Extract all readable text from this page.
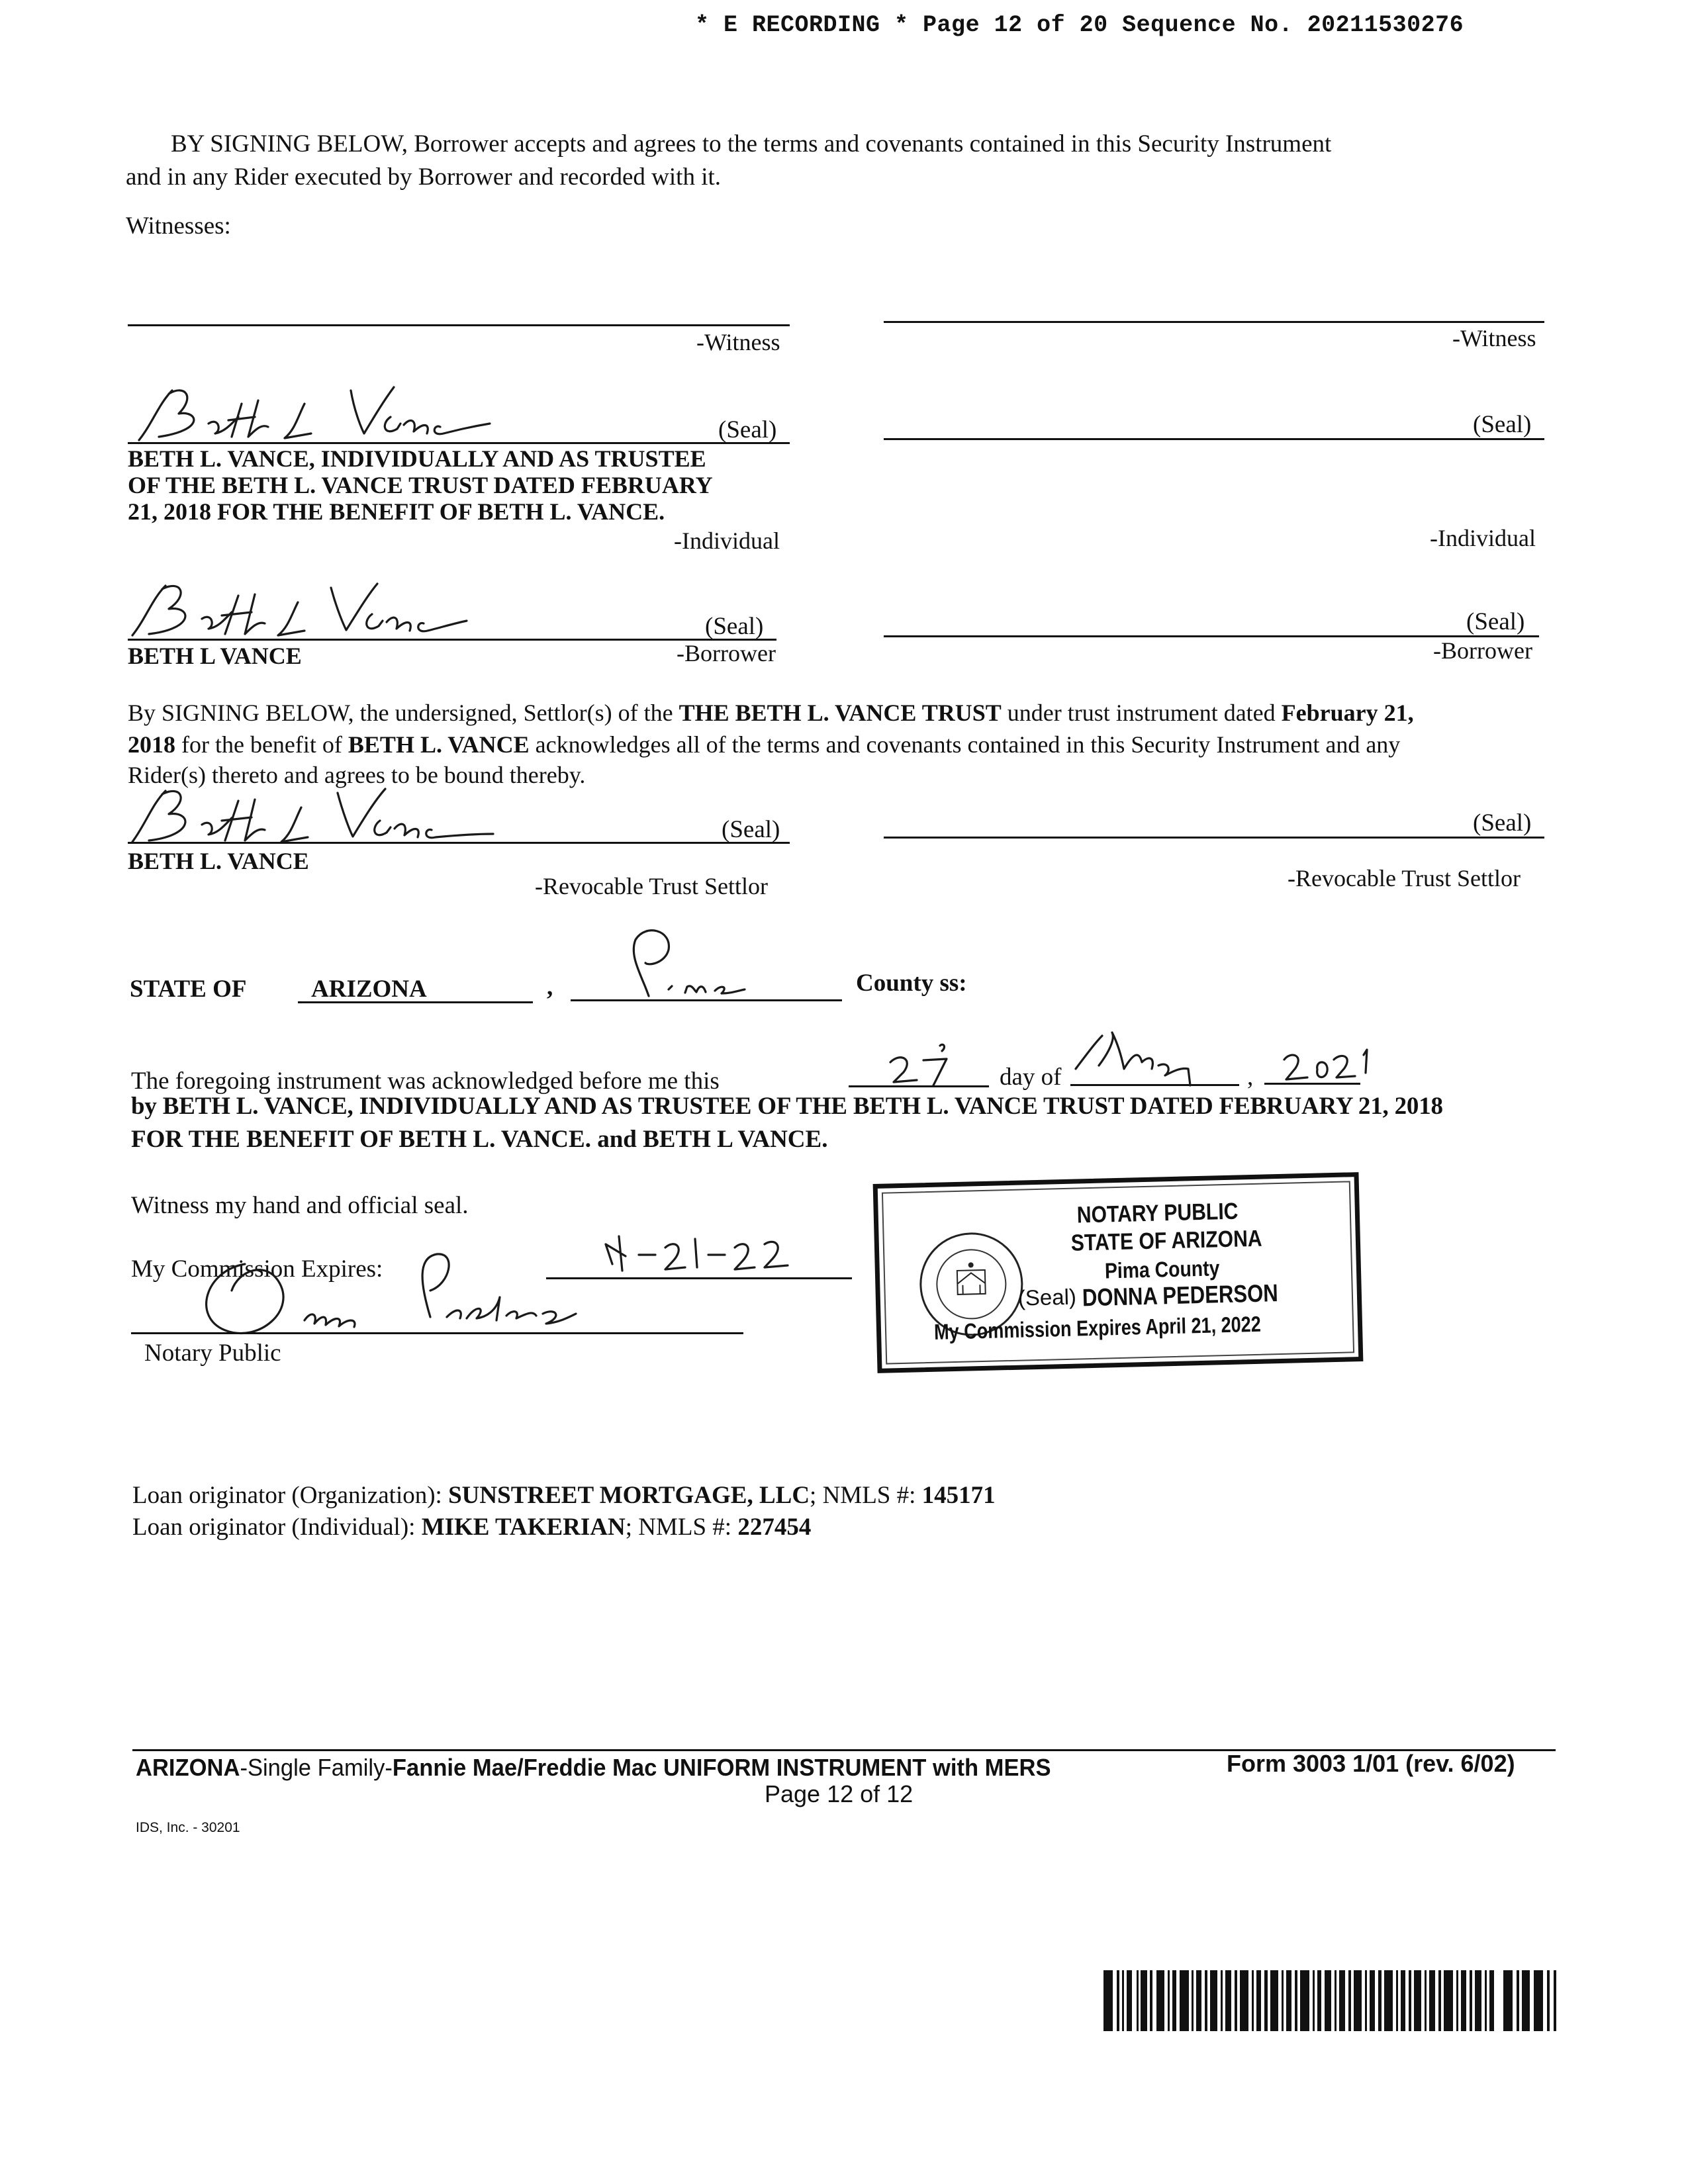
* E RECORDING * Page 12 of 20 Sequence No. 20211530276
BY SIGNING BELOW, Borrower accepts and agrees to the terms and covenants contained in this Security Instrument
and in any Rider executed by Borrower and recorded with it.
Witnesses:
-Witness	-Witness
(Seal)
BETH L. VANCE, INDIVIDUALLY AND AS TRUSTEE
OF THE BETH L. VANCE TRUST DATED FEBRUARY
21, 2018 FOR THE BENEFIT OF BETH L. VANCE.
-Individual
(Seal)
-Individual
(Seal)
BETH L VANCE	-Borrower
(Seal)
-Borrower
By SIGNING BELOW, the undersigned, Settlor(s) of the THE BETH L. VANCE TRUST under trust instrument dated February 21,
2018 for the benefit of BETH L. VANCE acknowledges all of the terms and covenants contained in this Security Instrument and any
Rider(s) thereto and agrees to be bound thereby.
(Seal)
BETH L. VANCE
-Revocable Trust Settlor
(Seal)
-Revocable Trust Settlor
STATE OF	ARIZONA	,	County ss:
The foregoing instrument was acknowledged before me this	day of	,
by BETH L. VANCE, INDIVIDUALLY AND AS TRUSTEE OF THE BETH L. VANCE TRUST DATED FEBRUARY 21, 2018
FOR THE BENEFIT OF BETH L. VANCE. and BETH L VANCE.
Witness my hand and official seal.
My Commission Expires:
Notary Public
NOTARY PUBLIC
STATE OF ARIZONA
Pima County
(Seal) DONNA PEDERSON
My Commission Expires April 21, 2022
Loan originator (Organization): SUNSTREET MORTGAGE, LLC; NMLS #: 145171
Loan originator (Individual): MIKE TAKERIAN; NMLS #: 227454
ARIZONA-Single Family-Fannie Mae/Freddie Mac UNIFORM INSTRUMENT with MERS	Form 3003 1/01 (rev. 6/02)
Page 12 of 12
IDS, Inc. - 30201
